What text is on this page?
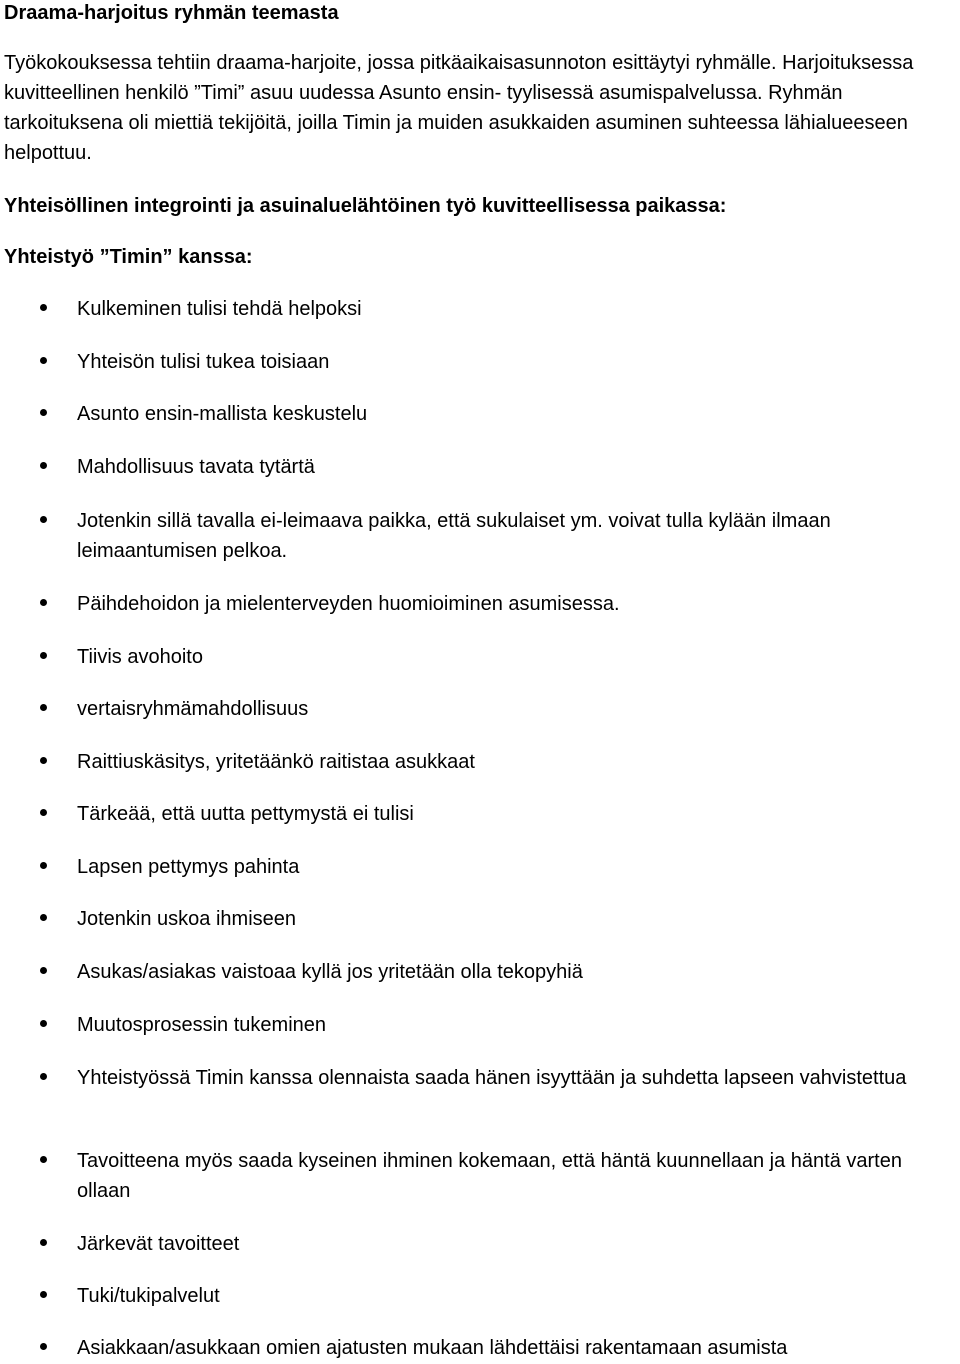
Draama-harjoitus ryhmän teemasta

Työkokouksessa tehtiin draama-harjoite, jossa pitkäaikaisasunnoton esittäytyi ryhmälle. Harjoituksessa kuvitteellinen henkilö ”Timi” asuu uudessa Asunto ensin- tyylisessä asumispalvelussa. Ryhmän tarkoituksena oli miettiä tekijöitä, joilla Timin ja muiden asukkaiden asuminen suhteessa lähialueeseen helpottuu.

Yhteisöllinen integrointi ja asuinaluelähtöinen työ kuvitteellisessa paikassa:
Yhteistyö ”Timin” kanssa:
Kulkeminen tulisi tehdä helpoksi
Yhteisön tulisi tukea toisiaan
Asunto ensin-mallista keskustelu
Mahdollisuus tavata tytärtä
Jotenkin sillä tavalla ei-leimaava paikka, että sukulaiset ym. voivat tulla kylään ilmaan leimaantumisen pelkoa.
Päihdehoidon ja mielenterveyden huomioiminen asumisessa.
Tiivis avohoito
vertaisryhmämahdollisuus
Raittiuskäsitys, yritetäänkö raitistaa asukkaat
Tärkeää, että uutta pettymystä ei tulisi
Lapsen pettymys pahinta
Jotenkin uskoa ihmiseen
Asukas/asiakas vaistoaa kyllä jos yritetään olla tekopyhiä
Muutosprosessin tukeminen
Yhteistyössä Timin kanssa olennaista saada hänen isyyttään ja suhdetta lapseen vahvistettua
Tavoitteena myös saada kyseinen ihminen kokemaan, että häntä kuunnellaan ja häntä varten ollaan
Järkevät tavoitteet
Tuki/tukipalvelut
Asiakkaan/asukkaan omien ajatusten mukaan lähdettäisi rakentamaan asumista
